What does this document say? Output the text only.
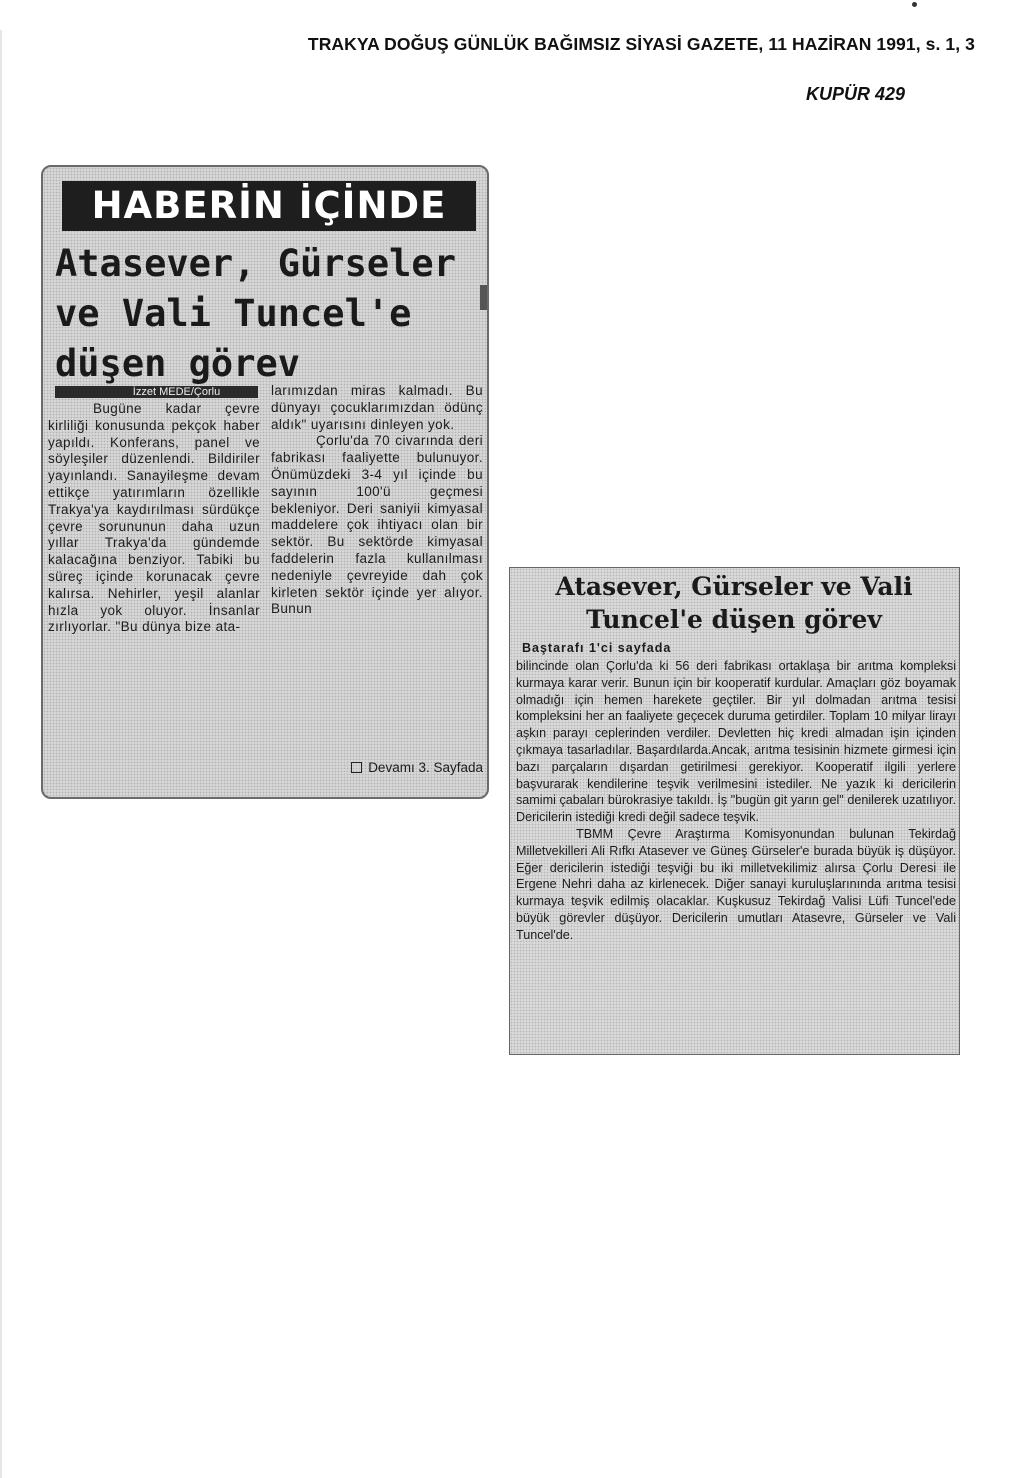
TRAKYA DOĞUŞ GÜNLÜK BAĞIMSIZ SİYASİ GAZETE, 11 HAZİRAN 1991, s. 1, 3
KUPÜR 429
HABERİN İÇİNDE
Atasever, Gürseler
ve Vali Tuncel'e
düşen görev
İzzet MEDE/Çorlu

Bugüne kadar çevre kirliliği konusunda pekçok haber yapıldı. Konferans, panel ve söyleşiler düzenlendi. Bildiriler yayınlandı. Sanayileşme devam ettikçe yatırımların özellikle Trakya'ya kaydırılması sürdükçe çevre sorununun daha uzun yıllar Trakya'da gündemde kalacağına benziyor. Tabiki bu süreç içinde korunacak çevre kalırsa. Nehirler, yeşil alanlar hızla yok oluyor. İnsanlar zırlıyorlar. "Bu dünya bize ata-

larımızdan miras kalmadı. Bu dünyayı çocuklarımızdan ödünç aldık" uyarısını dinleyen yok.

Çorlu'da 70 civarında deri fabrikası faaliyette bulunuyor. Önümüzdeki 3-4 yıl içinde bu sayının 100'ü geçmesi bekleniyor. Deri saniyii kimyasal maddelere çok ihtiyacı olan bir sektör. Bu sektörde kimyasal faddelerin fazla kullanılması nedeniyle çevreyide dah çok kirleten sektör içinde yer alıyor. Bunun

Devamı 3. Sayfada
Atasever, Gürseler ve Vali
Tuncel'e düşen görev
Baştarafı 1'ci sayfada

bilincinde olan Çorlu'da ki 56 deri fabrikası ortaklaşa bir arıtma kompleksi kurmaya karar verir. Bunun için bir kooperatif kurdular. Amaçları göz boyamak olmadığı için hemen harekete geçtiler. Bir yıl dolmadan arıtma tesisi kompleksini her an faaliyete geçecek duruma getirdiler. Toplam 10 milyar lirayı aşkın parayı ceplerinden verdiler. Devletten hiç kredi almadan işin içinden çıkmaya tasarladılar. Başardılarda.Ancak, arıtma tesisinin hizmete girmesi için bazı parçaların dışardan getirilmesi gerekiyor. Kooperatif ilgili yerlere başvurarak kendilerine teşvik verilmesini istediler. Ne yazık ki dericilerin samimi çabaları bürokrasiye takıldı. İş "bugün git yarın gel" denilerek uzatılıyor. Dericilerin istediği kredi değil sadece teşvik.

TBMM Çevre Araştırma Komisyonundan bulunan Tekirdağ Milletvekilleri Ali Rıfkı Atasever ve Güneş Gürseler'e burada büyük iş düşüyor. Eğer dericilerin istediği teşviği bu iki milletvekilimiz alırsa Çorlu Deresi ile Ergene Nehri daha az kirlenecek. Diğer sanayi kuruluşlarınında arıtma tesisi kurmaya teşvik edilmiş olacaklar. Kuşkusuz Tekirdağ Valisi Lüfi Tuncel'ede büyük görevler düşüyor. Dericilerin umutları Atasevre, Gürseler ve Vali Tuncel'de.
